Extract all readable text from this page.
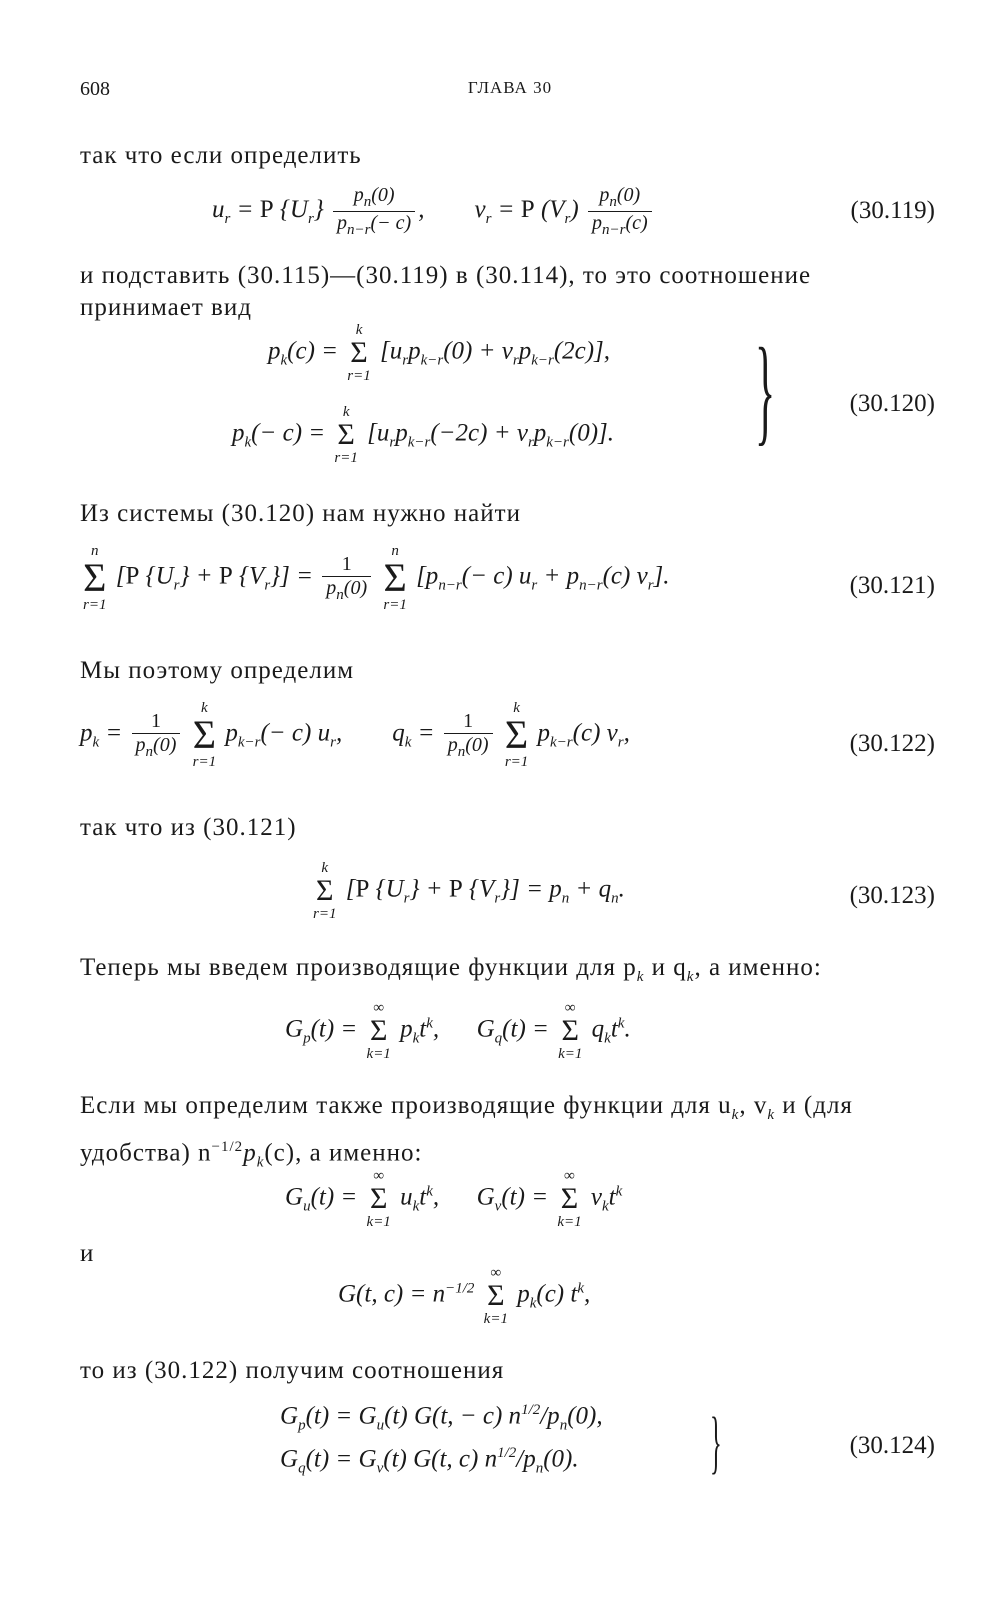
608	ГЛАВА 30
так что если определить
$u_r = P$ $\{U_r\} \frac{p_n(0)}{p_{n-r}(- c)}$ ,        $v_r = P$ $(V_r) \frac{p_n(0)}{p_{n-r}(c)}$	(30.119)
и подставить (30.115)—(30.119) в (30.114), то это соотношение принимает вид
$p_k(c)$ =
k
Σ
r=1
$[u_rp_{k-r}(0) + v_rp_{k-r}(2c)]$,
$p_k(- c)$ =
k
Σ
r=1
$[u_rp_{k-r}(-2c) + v_rp_{k-r}(0)]$. }	(30.120)
Из системы (30.120) нам нужно найти
n
Σ
r=1
[P $\{U_r\} + P$ $\{V_r\}] = \frac{1}{p_n(0)}$

n
Σ
r=1
[$p_{n-r}(- c) u_r + p_{n-r}(c)$ $v_r$].	(30.121)
Мы поэтому определим
$p_k = \frac{1}{p_n(0)}$

k
Σ
r=1
$p_{k-r}(- c)$ $u_r$,        $q_k = \frac{1}{p_n(0)}$

k
Σ
r=1
$p_{k-r}(c)$ $v_r$,	(30.122)
так что из (30.121)
k
Σ
r=1
[P $\{U_r\} + P$ $\{V_r\}] = p_n + q_n$.	(30.123)
Теперь мы введем производящие функции для $p_k$ и $q_k$, а именно:
$G_p(t)$ =
∞
Σ
k=1
$p_kt^k$,      $G_q(t)$ =
∞
Σ
k=1
$q_kt^k$.
Если мы определим также производящие функции для $u_k$, $v_k$ и (для удобства) $n^{-1/2}p_k(c)$, а именно:
$G_u(t)$ =
∞
Σ
k=1
$u_kt^k$,      $G_v(t)$ =
∞
Σ
k=1
$v_kt^k$
и
G(t, $c) = n^{-1/2}$
∞
Σ
k=1
$p_k(c)$ $t^k$,
то из (30.122) получим соотношения
$G_p(t) = G_u(t) G(t$, − c) $n^{1/2}/p_n(0)$,
$G_q(t) = G_v(t)$ G(t, c) $n^{1/2}/p_n(0)$. }	(30.124)
